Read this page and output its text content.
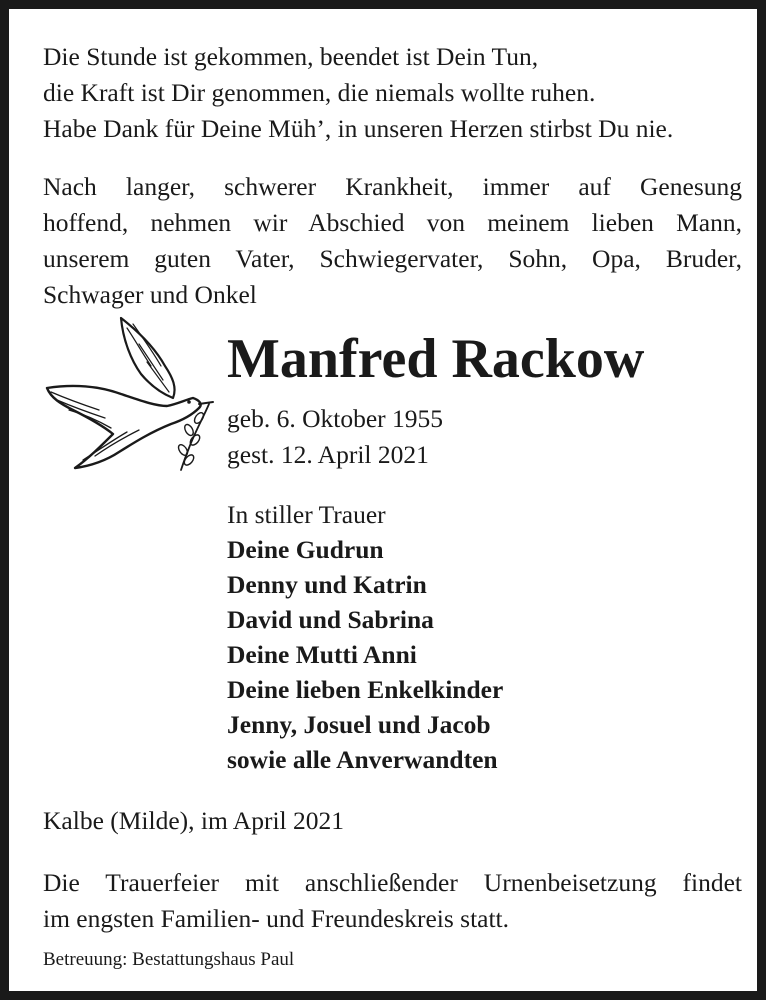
Die Stunde ist gekommen, beendet ist Dein Tun,
die Kraft ist Dir genommen, die niemals wollte ruhen.
Habe Dank für Deine Müh’, in unseren Herzen stirbst Du nie.
Nach langer, schwerer Krankheit, immer auf Genesung
hoffend, nehmen wir Abschied von meinem lieben Mann,
unserem guten Vater, Schwiegervater, Sohn, Opa, Bruder,
Schwager und Onkel
Manfred Rackow
geb. 6. Oktober 1955
gest. 12. April 2021
In stiller Trauer
Deine Gudrun
Denny und Katrin
David und Sabrina
Deine Mutti Anni
Deine lieben Enkelkinder
Jenny, Josuel und Jacob
sowie alle Anverwandten
Kalbe (Milde), im April 2021
Die Trauerfeier mit anschließender Urnenbeisetzung findet
im engsten Familien- und Freundeskreis statt.
Betreuung: Bestattungshaus Paul
